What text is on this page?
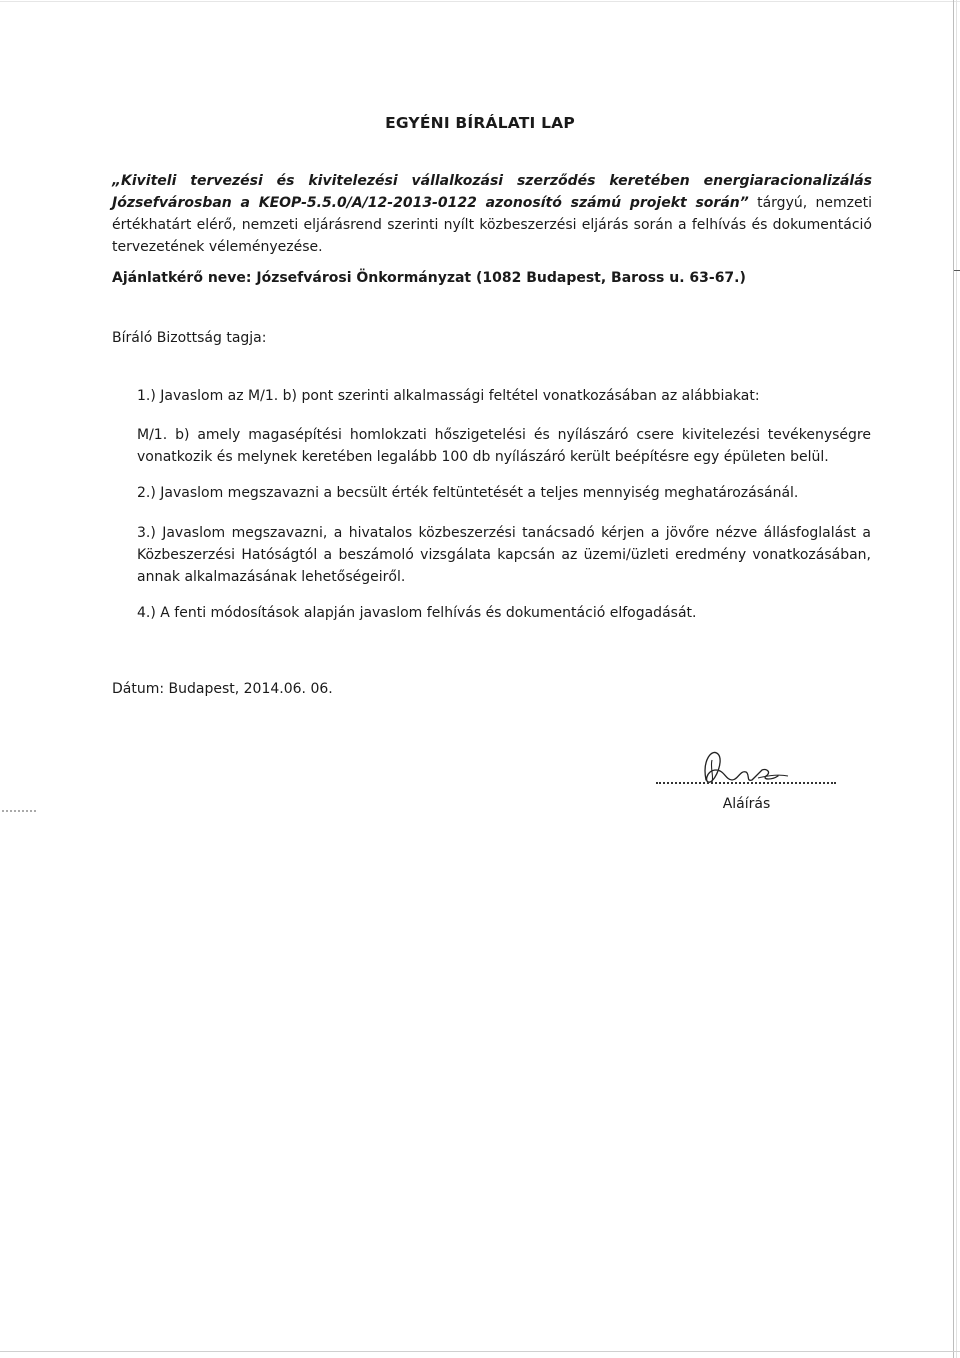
EGYÉNI BÍRÁLATI LAP
„Kiviteli tervezési és kivitelezési vállalkozási szerződés keretében energiaracionalizálás Józsefvárosban a KEOP-5.5.0/A/12-2013-0122 azonosító számú projekt során” tárgyú, nemzeti értékhatárt elérő, nemzeti eljárásrend szerinti nyílt közbeszerzési eljárás során a felhívás és dokumentáció tervezetének véleményezése.
Ajánlatkérő neve: Józsefvárosi Önkormányzat (1082 Budapest, Baross u. 63-67.)
Bíráló Bizottság tagja:
1.) Javaslom az M/1. b) pont szerinti alkalmassági feltétel vonatkozásában az alábbiakat:
M/1. b) amely magasépítési homlokzati hőszigetelési és nyílászáró csere kivitelezési tevékenységre vonatkozik és melynek keretében legalább 100 db nyílászáró került beépítésre egy épületen belül.
2.) Javaslom megszavazni a becsült érték feltüntetését a teljes mennyiség meghatározásánál.
3.) Javaslom megszavazni, a hivatalos közbeszerzési tanácsadó kérjen a jövőre nézve állásfoglalást a Közbeszerzési Hatóságtól a beszámoló vizsgálata kapcsán az üzemi/üzleti eredmény vonatkozásában, annak alkalmazásának lehetőségeiről.
4.) A fenti módosítások alapján javaslom felhívás és dokumentáció elfogadását.
Dátum: Budapest, 2014.06. 06.
Aláírás
